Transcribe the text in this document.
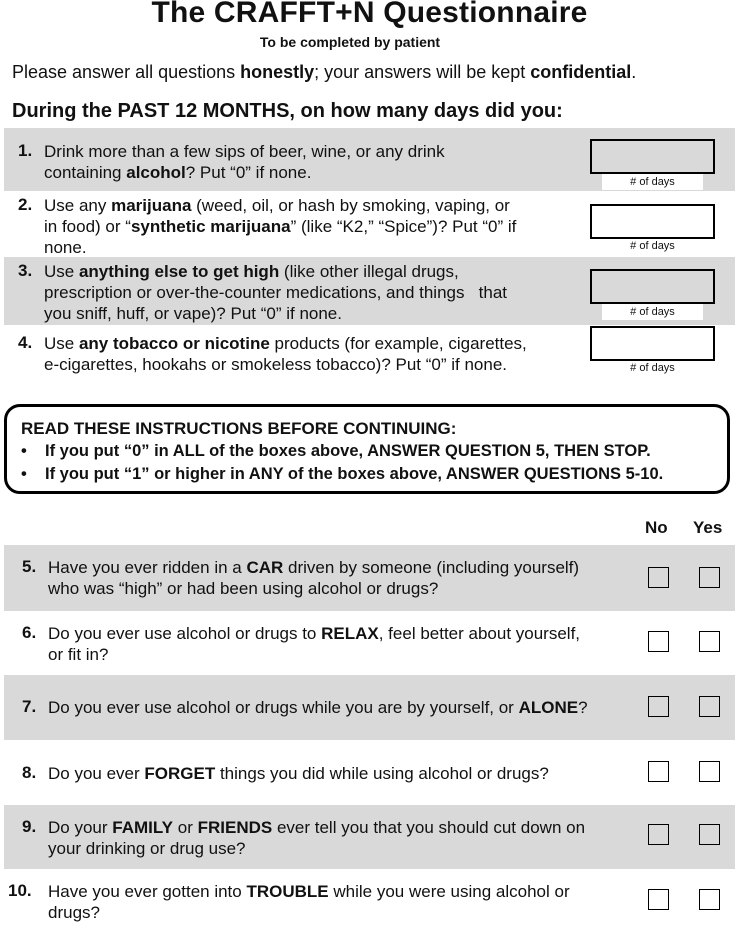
The CRAFFT+N Questionnaire
To be completed by patient
Please answer all questions honestly; your answers will be kept confidential.
During the PAST 12 MONTHS, on how many days did you:
1. Drink more than a few sips of beer, wine, or any drink
containing alcohol? Put “0” if none.	# of days
2. Use any marijuana (weed, oil, or hash by smoking, vaping, or
in food) or “synthetic marijuana” (like “K2,” “Spice”)? Put “0” if
none.	# of days
3. Use anything else to get high (like other illegal drugs,
prescription or over-the-counter medications, and things   that
you sniff, huff, or vape)? Put “0” if none.	# of days
4. Use any tobacco or nicotine products (for example, cigarettes,
e-cigarettes, hookahs or smokeless tobacco)? Put “0” if none.	# of days
READ THESE INSTRUCTIONS BEFORE CONTINUING:
• If you put “0” in ALL of the boxes above, ANSWER QUESTION 5, THEN STOP.
• If you put “1” or higher in ANY of the boxes above, ANSWER QUESTIONS 5-10.
No Yes
5. Have you ever ridden in a CAR driven by someone (including yourself)
who was “high” or had been using alcohol or drugs?
6. Do you ever use alcohol or drugs to RELAX, feel better about yourself,
or fit in?
7. Do you ever use alcohol or drugs while you are by yourself, or ALONE?
8. Do you ever FORGET things you did while using alcohol or drugs?
9. Do your FAMILY or FRIENDS ever tell you that you should cut down on
your drinking or drug use?
10. Have you ever gotten into TROUBLE while you were using alcohol or
drugs?
